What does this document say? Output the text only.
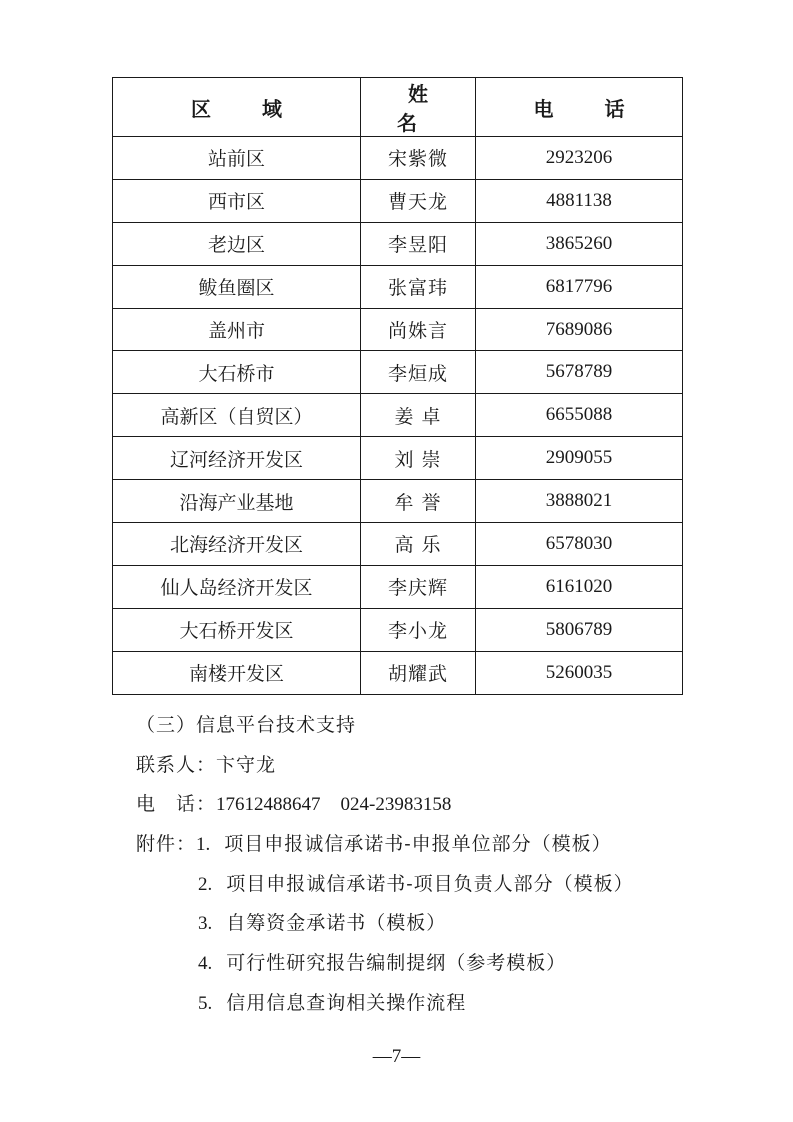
区 域	姓 名	电 话
站前区	宋紫微	2923206
西市区	曹天龙	4881138
老边区	李昱阳	3865260
鲅鱼圈区	张富玮	6817796
盖州市	尚姝言	7689086
大石桥市	李烜成	5678789
高新区（自贸区）	姜 卓	6655088
辽河经济开发区	刘 崇	2909055
沿海产业基地	牟 誉	3888021
北海经济开发区	高 乐	6578030
仙人岛经济开发区	李庆辉	6161020
大石桥开发区	李小龙	5806789
南楼开发区	胡耀武	5260035
（三）信息平台技术支持
联系人：卞守龙
电　话：17612488647 024-23983158
附件：1. 项目申报诚信承诺书-申报单位部分（模板）
2. 项目申报诚信承诺书-项目负责人部分（模板）
3. 自筹资金承诺书（模板）
4. 可行性研究报告编制提纲（参考模板）
5. 信用信息查询相关操作流程
—7—
